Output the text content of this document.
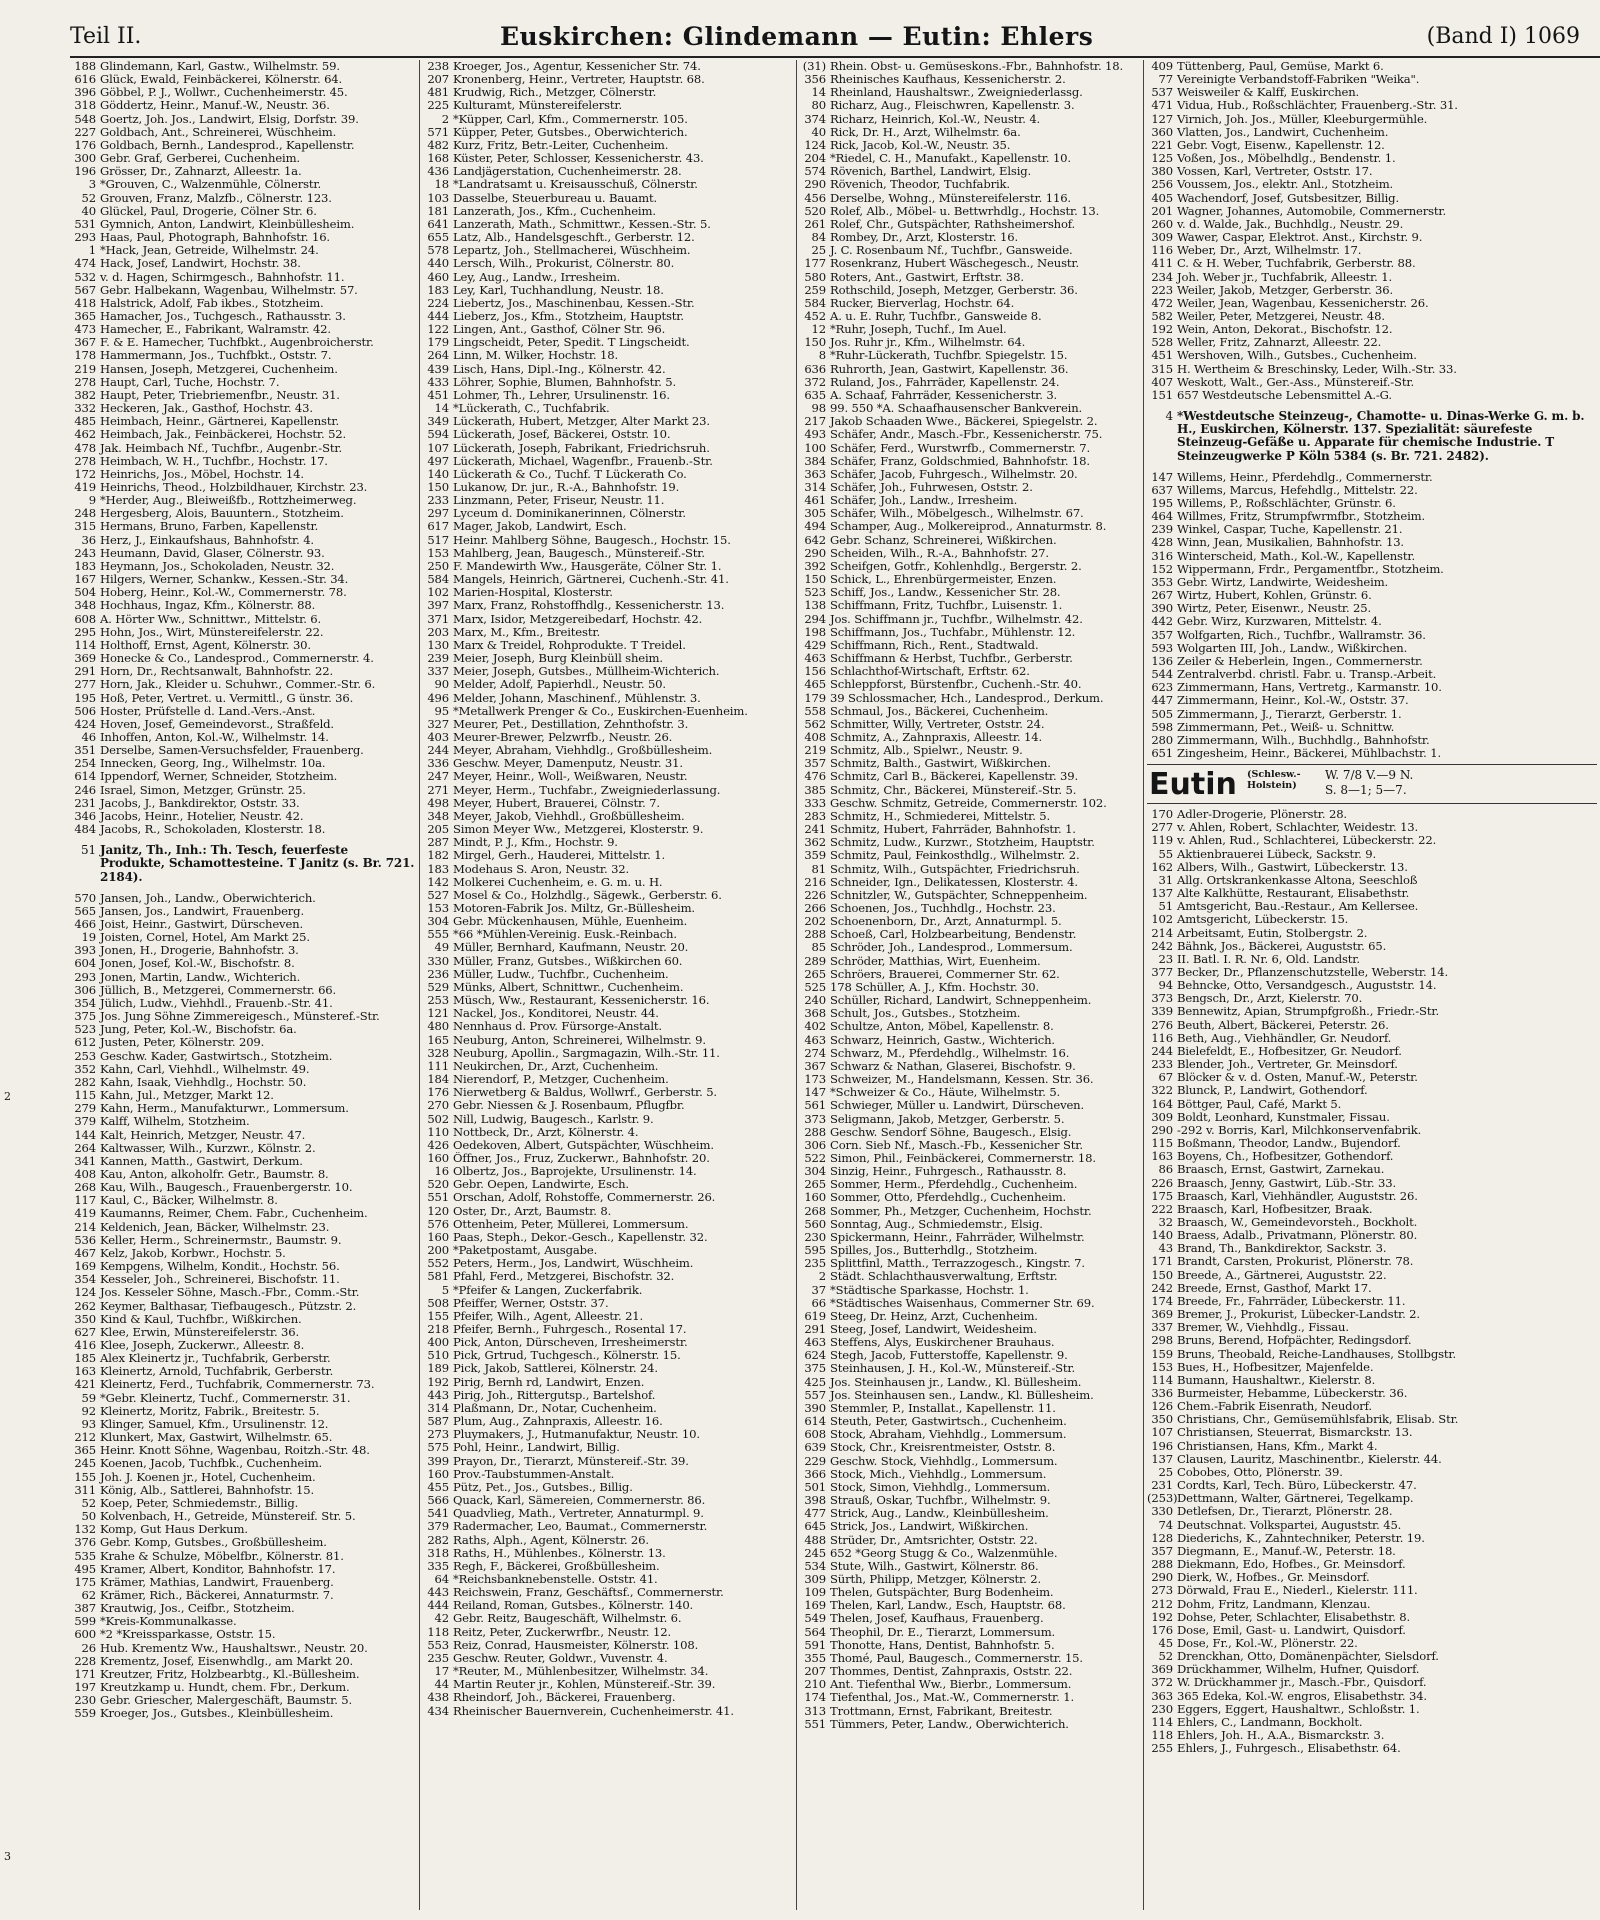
Teil II.	Euskirchen: Glindemann — Eutin: Ehlers	(Band I) 1069
2
3
188 Glindemann, Karl, Gastw., Wilhelmstr. 59.
616 Glück, Ewald, Feinbäckerei, Kölnerstr. 64.
396 Göbbel, P. J., Wollwr., Cuchenheimerstr. 45.
318 Göddertz, Heinr., Manuf.-W., Neustr. 36.
548 Goertz, Joh. Jos., Landwirt, Elsig, Dorfstr. 39.
227 Goldbach, Ant., Schreinerei, Wüschheim.
176 Goldbach, Bernh., Landesprod., Kapellenstr.
300 Gebr. Graf, Gerberei, Cuchenheim.
196 Grösser, Dr., Zahnarzt, Alleestr. 1a.
3 *Grouven, C., Walzenmühle, Cölnerstr.
52 Grouven, Franz, Malzfb., Cölnerstr. 123.
40 Glückel, Paul, Drogerie, Cölner Str. 6.
531 Gymnich, Anton, Landwirt, Kleinbüllesheim.
293 Haas, Paul, Photograph, Bahnhofstr. 16.
1 *Hack, Jean, Getreide, Wilhelmstr. 24.
474 Hack, Josef, Landwirt, Hochstr. 38.
532 v. d. Hagen, Schirmgesch., Bahnhofstr. 11.
567 Gebr. Halbekann, Wagenbau, Wilhelmstr. 57.
418 Halstrick, Adolf, Fab ikbes., Stotzheim.
365 Hamacher, Jos., Tuchgesch., Rathausstr. 3.
473 Hamecher, E., Fabrikant, Walramstr. 42.
367 F. & E. Hamecher, Tuchfbkt., Augenbroicherstr.
178 Hammermann, Jos., Tuchfbkt., Oststr. 7.
219 Hansen, Joseph, Metzgerei, Cuchenheim.
278 Haupt, Carl, Tuche, Hochstr. 7.
382 Haupt, Peter, Triebriemenfbr., Neustr. 31.
332 Heckeren, Jak., Gasthof, Hochstr. 43.
485 Heimbach, Heinr., Gärtnerei, Kapellenstr.
462 Heimbach, Jak., Feinbäckerei, Hochstr. 52.
478 Jak. Heimbach Nf., Tuchfbr., Augenbr.-Str.
278 Heimbach, W. H., Tuchfbr., Hochstr. 17.
172 Heinrichs, Jos., Möbel, Hochstr. 14.
419 Heinrichs, Theod., Holzbildhauer, Kirchstr. 23.
9 *Herder, Aug., Bleiweißfb., Rottzheimerweg.
248 Hergesberg, Alois, Bauuntern., Stotzheim.
315 Hermans, Bruno, Farben, Kapellenstr.
36 Herz, J., Einkaufshaus, Bahnhofstr. 4.
243 Heumann, David, Glaser, Cölnerstr. 93.
183 Heymann, Jos., Schokoladen, Neustr. 32.
167 Hilgers, Werner, Schankw., Kessen.-Str. 34.
504 Hoberg, Heinr., Kol.-W., Commernerstr. 78.
348 Hochhaus, Ingaz, Kfm., Kölnerstr. 88.
608 A. Hörter Ww., Schnittwr., Mittelstr. 6.
295 Hohn, Jos., Wirt, Münstereifelerstr. 22.
114 Holthoff, Ernst, Agent, Kölnerstr. 30.
369 Honecke & Co., Landesprod., Commernerstr. 4.
291 Horn, Dr., Rechtsanwalt, Bahnhofstr. 22.
277 Horn, Jak., Kleider u. Schuhwr., Commer.-Str. 6.
195 Hoß, Peter, Vertret. u. Vermittl., G ünstr. 36.
506 Hoster, Prüfstelle d. Land.-Vers.-Anst.
424 Hoven, Josef, Gemeindevorst., Straßfeld.
46 Inhoffen, Anton, Kol.-W., Wilhelmstr. 14.
351 Derselbe, Samen-Versuchsfelder, Frauenberg.
254 Innecken, Georg, Ing., Wilhelmstr. 10a.
614 Ippendorf, Werner, Schneider, Stotzheim.
246 Israel, Simon, Metzger, Grünstr. 25.
231 Jacobs, J., Bankdirektor, Oststr. 33.
346 Jacobs, Heinr., Hotelier, Neustr. 42.
484 Jacobs, R., Schokoladen, Klosterstr. 18.
51 Janitz, Th., Inh.: Th. Tesch, feuerfeste Produkte, Schamottesteine. T Janitz (s. Br. 721. 2184).
570 Jansen, Joh., Landw., Oberwichterich.
565 Jansen, Jos., Landwirt, Frauenberg.
466 Joist, Heinr., Gastwirt, Dürscheven.
19 Joisten, Cornel, Hotel, Am Markt 25.
393 Jonen, H., Drogerie, Bahnhofstr. 3.
604 Jonen, Josef, Kol.-W., Bischofstr. 8.
293 Jonen, Martin, Landw., Wichterich.
306 Jüllich, B., Metzgerei, Commernerstr. 66.
354 Jülich, Ludw., Viehhdl., Frauenb.-Str. 41.
375 Jos. Jung Söhne Zimmereigesch., Münsteref.-Str.
523 Jung, Peter, Kol.-W., Bischofstr. 6a.
612 Justen, Peter, Kölnerstr. 209.
253 Geschw. Kader, Gastwirtsch., Stotzheim.
352 Kahn, Carl, Viehhdl., Wilhelmstr. 49.
282 Kahn, Isaak, Viehhdlg., Hochstr. 50.
115 Kahn, Jul., Metzger, Markt 12.
279 Kahn, Herm., Manufakturwr., Lommersum.
379 Kalff, Wilhelm, Stotzheim.
144 Kalt, Heinrich, Metzger, Neustr. 47.
264 Kaltwasser, Wilh., Kurzwr., Kölnstr. 2.
341 Kannen, Matth., Gastwirt, Derkum.
408 Kau, Anton, alkoholfr. Getr., Baumstr. 8.
268 Kau, Wilh., Baugesch., Frauenbergerstr. 10.
117 Kaul, C., Bäcker, Wilhelmstr. 8.
419 Kaumanns, Reimer, Chem. Fabr., Cuchenheim.
214 Keldenich, Jean, Bäcker, Wilhelmstr. 23.
536 Keller, Herm., Schreinermstr., Baumstr. 9.
467 Kelz, Jakob, Korbwr., Hochstr. 5.
169 Kempgens, Wilhelm, Kondit., Hochstr. 56.
354 Kesseler, Joh., Schreinerei, Bischofstr. 11.
124 Jos. Kesseler Söhne, Masch.-Fbr., Comm.-Str.
262 Keymer, Balthasar, Tiefbaugesch., Pützstr. 2.
350 Kind & Kaul, Tuchfbr., Wißkirchen.
627 Klee, Erwin, Münstereifelerstr. 36.
416 Klee, Joseph, Zuckerwr., Alleestr. 8.
185 Alex Kleinertz jr., Tuchfabrik, Gerberstr.
163 Kleinertz, Arnold, Tuchfabrik, Gerberstr.
421 Kleinertz, Ferd., Tuchfabrik, Commernerstr. 73.
59 *Gebr. Kleinertz, Tuchf., Commernerstr. 31.
92 Kleinertz, Moritz, Fabrik., Breitestr. 5.
93 Klinger, Samuel, Kfm., Ursulinenstr. 12.
212 Klunkert, Max, Gastwirt, Wilhelmstr. 65.
365 Heinr. Knott Söhne, Wagenbau, Roitzh.-Str. 48.
245 Koenen, Jacob, Tuchfbk., Cuchenheim.
155 Joh. J. Koenen jr., Hotel, Cuchenheim.
311 König, Alb., Sattlerei, Bahnhofstr. 15.
52 Koep, Peter, Schmiedemstr., Billig.
50 Kolvenbach, H., Getreide, Münstereif. Str. 5.
132 Komp, Gut Haus Derkum.
376 Gebr. Komp, Gutsbes., Großbüllesheim.
535 Krahe & Schulze, Möbelfbr., Kölnerstr. 81.
495 Kramer, Albert, Konditor, Bahnhofstr. 17.
175 Krämer, Mathias, Landwirt, Frauenberg.
62 Krämer, Rich., Bäckerei, Annaturmstr. 7.
387 Krautwig, Jos., Ceifbr., Stotzheim.
599 *Kreis-Kommunalkasse.
600 *2 *Kreissparkasse, Oststr. 15.
26 Hub. Krementz Ww., Haushaltswr., Neustr. 20.
228 Krementz, Josef, Eisenwhdlg., am Markt 20.
171 Kreutzer, Fritz, Holzbearbtg., Kl.-Büllesheim.
197 Kreutzkamp u. Hundt, chem. Fbr., Derkum.
230 Gebr. Griescher, Malergeschäft, Baumstr. 5.
559 Kroeger, Jos., Gutsbes., Kleinbüllesheim.
238 Kroeger, Jos., Agentur, Kessenicher Str. 74.
207 Kronenberg, Heinr., Vertreter, Hauptstr. 68.
481 Krudwig, Rich., Metzger, Cölnerstr.
225 Kulturamt, Münstereifelerstr.
2 *Küpper, Carl, Kfm., Commernerstr. 105.
571 Küpper, Peter, Gutsbes., Oberwichterich.
482 Kurz, Fritz, Betr.-Leiter, Cuchenheim.
168 Küster, Peter, Schlosser, Kessenicherstr. 43.
436 Landjägerstation, Cuchenheimerstr. 28.
18 *Landratsamt u. Kreisausschuß, Cölnerstr.
103 Dasselbe, Steuerbureau u. Bauamt.
181 Lanzerath, Jos., Kfm., Cuchenheim.
641 Lanzerath, Math., Schmittwr., Kessen.-Str. 5.
655 Latz, Alb., Handelsgeschft., Gerberstr. 12.
578 Lepartz, Joh., Stellmacherei, Wüschheim.
440 Lersch, Wilh., Prokurist, Cölnerstr. 80.
460 Ley, Aug., Landw., Irresheim.
183 Ley, Karl, Tuchhandlung, Neustr. 18.
224 Liebertz, Jos., Maschinenbau, Kessen.-Str.
444 Lieberz, Jos., Kfm., Stotzheim, Hauptstr.
122 Lingen, Ant., Gasthof, Cölner Str. 96.
179 Lingscheidt, Peter, Spedit. T Lingscheidt.
264 Linn, M. Wilker, Hochstr. 18.
439 Lisch, Hans, Dipl.-Ing., Kölnerstr. 42.
433 Löhrer, Sophie, Blumen, Bahnhofstr. 5.
451 Lohmer, Th., Lehrer, Ursulinenstr. 16.
14 *Lückerath, C., Tuchfabrik.
349 Lückerath, Hubert, Metzger, Alter Markt 23.
594 Lückerath, Josef, Bäckerei, Oststr. 10.
107 Lückerath, Joseph, Fabrikant, Friedrichsruh.
497 Lückerath, Michael, Wagenfbr., Frauenb.-Str.
140 Lückerath & Co., Tuchf. T Lückerath Co.
150 Lukanow, Dr. jur., R.-A., Bahnhofstr. 19.
233 Linzmann, Peter, Friseur, Neustr. 11.
297 Lyceum d. Dominikanerinnen, Cölnerstr.
617 Mager, Jakob, Landwirt, Esch.
517 Heinr. Mahlberg Söhne, Baugesch., Hochstr. 15.
153 Mahlberg, Jean, Baugesch., Münstereif.-Str.
250 F. Mandewirth Ww., Hausgeräte, Cölner Str. 1.
584 Mangels, Heinrich, Gärtnerei, Cuchenh.-Str. 41.
102 Marien-Hospital, Klosterstr.
397 Marx, Franz, Rohstoffhdlg., Kessenicherstr. 13.
371 Marx, Isidor, Metzgereibedarf, Hochstr. 42.
203 Marx, M., Kfm., Breitestr.
130 Marx & Treidel, Rohprodukte. T Treidel.
239 Meier, Joseph, Burg Kleinbüll sheim.
337 Meier, Joseph, Gutsbes., Müllheim-Wichterich.
90 Melder, Adolf, Papierhdl., Neustr. 50.
496 Melder, Johann, Maschinenf., Mühlenstr. 3.
95 *Metallwerk Prenger & Co., Euskirchen-Euenheim.
327 Meurer, Pet., Destillation, Zehnthofstr. 3.
403 Meurer-Brewer, Pelzwrfb., Neustr. 26.
244 Meyer, Abraham, Viehhdlg., Großbüllesheim.
336 Geschw. Meyer, Damenputz, Neustr. 31.
247 Meyer, Heinr., Woll-, Weißwaren, Neustr.
271 Meyer, Herm., Tuchfabr., Zweigniederlassung.
498 Meyer, Hubert, Brauerei, Cölnstr. 7.
348 Meyer, Jakob, Viehhdl., Großbüllesheim.
205 Simon Meyer Ww., Metzgerei, Klosterstr. 9.
287 Mindt, P. J., Kfm., Hochstr. 9.
182 Mirgel, Gerh., Hauderei, Mittelstr. 1.
183 Modehaus S. Aron, Neustr. 32.
142 Molkerei Cuchenheim, e. G. m. u. H.
527 Mosel & Co., Holzhdlg., Sägewk., Gerberstr. 6.
153 Motoren-Fabrik Jos. Miltz, Gr.-Büllesheim.
304 Gebr. Mückenhausen, Mühle, Euenheim.
555 *66 *Mühlen-Vereinig. Eusk.-Reinbach.
49 Müller, Bernhard, Kaufmann, Neustr. 20.
330 Müller, Franz, Gutsbes., Wißkirchen 60.
236 Müller, Ludw., Tuchfbr., Cuchenheim.
529 Münks, Albert, Schnittwr., Cuchenheim.
253 Müsch, Ww., Restaurant, Kessenicherstr. 16.
121 Nackel, Jos., Konditorei, Neustr. 44.
480 Nennhaus d. Prov. Fürsorge-Anstalt.
165 Neuburg, Anton, Schreinerei, Wilhelmstr. 9.
328 Neuburg, Apollin., Sargmagazin, Wilh.-Str. 11.
111 Neukirchen, Dr., Arzt, Cuchenheim.
184 Nierendorf, P., Metzger, Cuchenheim.
176 Nierwetberg & Baldus, Wollwrf., Gerberstr. 5.
270 Gebr. Niessen & J. Rosenbaum, Pflugfbr.
502 Nill, Ludwig, Baugesch., Karlstr. 9.
110 Nottbeck, Dr., Arzt, Kölnerstr. 4.
426 Oedekoven, Albert, Gutspächter, Wüschheim.
160 Öffner, Jos., Fruz, Zuckerwr., Bahnhofstr. 20.
16 Olbertz, Jos., Baprojekte, Ursulinenstr. 14.
520 Gebr. Oepen, Landwirte, Esch.
551 Orschan, Adolf, Rohstoffe, Commernerstr. 26.
120 Oster, Dr., Arzt, Baumstr. 8.
576 Ottenheim, Peter, Müllerei, Lommersum.
160 Paas, Steph., Dekor.-Gesch., Kapellenstr. 32.
200 *Paketpostamt, Ausgabe.
552 Peters, Herm., Jos, Landwirt, Wüschheim.
581 Pfahl, Ferd., Metzgerei, Bischofstr. 32.
5 *Pfeifer & Langen, Zuckerfabrik.
508 Pfeiffer, Werner, Oststr. 37.
155 Pfeifer, Wilh., Agent, Alleestr. 21.
218 Pfeifer, Bernh., Fuhrgesch., Rosental 17.
400 Pick, Anton, Dürscheven, Irresheimerstr.
510 Pick, Grtrud, Tuchgesch., Kölnerstr. 15.
189 Pick, Jakob, Sattlerei, Kölnerstr. 24.
192 Pirig, Bernh rd, Landwirt, Enzen.
443 Pirig, Joh., Rittergutsp., Bartelshof.
314 Plaßmann, Dr., Notar, Cuchenheim.
587 Plum, Aug., Zahnpraxis, Alleestr. 16.
273 Pluymakers, J., Hutmanufaktur, Neustr. 10.
575 Pohl, Heinr., Landwirt, Billig.
399 Prayon, Dr., Tierarzt, Münstereif.-Str. 39.
160 Prov.-Taubstummen-Anstalt.
455 Pütz, Pet., Jos., Gutsbes., Billig.
566 Quack, Karl, Sämereien, Commernerstr. 86.
541 Quadvlieg, Math., Vertreter, Annaturmpl. 9.
379 Radermacher, Leo, Baumat., Commernerstr.
282 Raths, Alph., Agent, Kölnerstr. 26.
318 Raths, H., Mühlenbes., Kölnerstr. 13.
335 Regh, F., Bäckerei, Großbüllesheim.
64 *Reichsbanknebenstelle. Oststr. 41.
443 Reichswein, Franz, Geschäftsf., Commernerstr.
444 Reiland, Roman, Gutsbes., Kölnerstr. 140.
42 Gebr. Reitz, Baugeschäft, Wilhelmstr. 6.
118 Reitz, Peter, Zuckerwrfbr., Neustr. 12.
553 Reiz, Conrad, Hausmeister, Kölnerstr. 108.
235 Geschw. Reuter, Goldwr., Vuvenstr. 4.
17 *Reuter, M., Mühlenbesitzer, Wilhelmstr. 34.
44 Martin Reuter jr., Kohlen, Münstereif.-Str. 39.
438 Rheindorf, Joh., Bäckerei, Frauenberg.
434 Rheinischer Bauernverein, Cuchenheimerstr. 41.
(31) Rhein. Obst- u. Gemüseskons.-Fbr., Bahnhofstr. 18.
356 Rheinisches Kaufhaus, Kessenicherstr. 2.
14 Rheinland, Haushaltswr., Zweigniederlassg.
80 Richarz, Aug., Fleischwren, Kapellenstr. 3.
374 Richarz, Heinrich, Kol.-W., Neustr. 4.
40 Rick, Dr. H., Arzt, Wilhelmstr. 6a.
124 Rick, Jacob, Kol.-W., Neustr. 35.
204 *Riedel, C. H., Manufakt., Kapellenstr. 10.
574 Rövenich, Barthel, Landwirt, Elsig.
290 Rövenich, Theodor, Tuchfabrik.
456 Derselbe, Wohng., Münstereifelerstr. 116.
520 Rolef, Alb., Möbel- u. Bettwrhdlg., Hochstr. 13.
261 Rolef, Chr., Gutspächter, Rathsheimershof.
84 Rombey, Dr., Arzt, Klosterstr. 16.
25 J. C. Rosenbaum Nf., Tuchfbr., Gansweide.
177 Rosenkranz, Hubert Wäschegesch., Neustr.
580 Roters, Ant., Gastwirt, Erftstr. 38.
259 Rothschild, Joseph, Metzger, Gerberstr. 36.
584 Rucker, Bierverlag, Hochstr. 64.
452 A. u. E. Ruhr, Tuchfbr., Gansweide 8.
12 *Ruhr, Joseph, Tuchf., Im Auel.
150 Jos. Ruhr jr., Kfm., Wilhelmstr. 64.
8 *Ruhr-Lückerath, Tuchfbr. Spiegelstr. 15.
636 Ruhrorth, Jean, Gastwirt, Kapellenstr. 36.
372 Ruland, Jos., Fahrräder, Kapellenstr. 24.
635 A. Schaaf, Fahrräder, Kessenicherstr. 3.
98 99. 550 *A. Schaafhausenscher Bankverein.
217 Jakob Schaaden Wwe., Bäckerei, Spiegelstr. 2.
493 Schäfer, Andr., Masch.-Fbr., Kessenicherstr. 75.
100 Schäfer, Ferd., Wurstwrfb., Commernerstr. 7.
384 Schäfer, Franz, Goldschmied, Bahnhofstr. 18.
363 Schäfer, Jacob, Fuhrgesch., Wilhelmstr. 20.
314 Schäfer, Joh., Fuhrwesen, Oststr. 2.
461 Schäfer, Joh., Landw., Irresheim.
305 Schäfer, Wilh., Möbelgesch., Wilhelmstr. 67.
494 Schamper, Aug., Molkereiprod., Annaturmstr. 8.
642 Gebr. Schanz, Schreinerei, Wißkirchen.
290 Scheiden, Wilh., R.-A., Bahnhofstr. 27.
392 Scheifgen, Gotfr., Kohlenhdlg., Bergerstr. 2.
150 Schick, L., Ehrenbürgermeister, Enzen.
523 Schiff, Jos., Landw., Kessenicher Str. 28.
138 Schiffmann, Fritz, Tuchfbr., Luisenstr. 1.
294 Jos. Schiffmann jr., Tuchfbr., Wilhelmstr. 42.
198 Schiffmann, Jos., Tuchfabr., Mühlenstr. 12.
429 Schiffmann, Rich., Rent., Stadtwald.
463 Schiffmann & Herbst, Tuchfbr., Gerberstr.
156 Schlachthof-Wirtschaft, Erftstr. 62.
465 Schleppforst, Bürstenfbr., Cuchenh.-Str. 40.
179 39 Schlossmacher, Hch., Landesprod., Derkum.
558 Schmaul, Jos., Bäckerei, Cuchenheim.
562 Schmitter, Willy, Vertreter, Oststr. 24.
408 Schmitz, A., Zahnpraxis, Alleestr. 14.
219 Schmitz, Alb., Spielwr., Neustr. 9.
357 Schmitz, Balth., Gastwirt, Wißkirchen.
476 Schmitz, Carl B., Bäckerei, Kapellenstr. 39.
385 Schmitz, Chr., Bäckerei, Münstereif.-Str. 5.
333 Geschw. Schmitz, Getreide, Commernerstr. 102.
283 Schmitz, H., Schmiederei, Mittelstr. 5.
241 Schmitz, Hubert, Fahrräder, Bahnhofstr. 1.
362 Schmitz, Ludw., Kurzwr., Stotzheim, Hauptstr.
359 Schmitz, Paul, Feinkosthdlg., Wilhelmstr. 2.
81 Schmitz, Wilh., Gutspächter, Friedrichsruh.
216 Schneider, Ign., Delikatessen, Klosterstr. 4.
226 Schnitzler, W., Gutspächter, Schneppenheim.
266 Schoenen, Jos., Tuchhdlg., Hochstr. 23.
202 Schoenenborn, Dr., Arzt, Annaturmpl. 5.
288 Schoeß, Carl, Holzbearbeitung, Bendenstr.
85 Schröder, Joh., Landesprod., Lommersum.
289 Schröder, Matthias, Wirt, Euenheim.
265 Schröers, Brauerei, Commerner Str. 62.
525 178 Schüller, A. J., Kfm. Hochstr. 30.
240 Schüller, Richard, Landwirt, Schneppenheim.
368 Schult, Jos., Gutsbes., Stotzheim.
402 Schultze, Anton, Möbel, Kapellenstr. 8.
463 Schwarz, Heinrich, Gastw., Wichterich.
274 Schwarz, M., Pferdehdlg., Wilhelmstr. 16.
367 Schwarz & Nathan, Glaserei, Bischofstr. 9.
173 Schweizer, M., Handelsmann, Kessen. Str. 36.
147 *Schweizer & Co., Häute, Wilhelmstr. 5.
561 Schwieger, Müller u. Landwirt, Dürscheven.
373 Seligmann, Jakob, Metzger, Gerberstr. 5.
288 Geschw. Sendorf Söhne, Baugesch., Elsig.
306 Corn. Sieb Nf., Masch.-Fb., Kessenicher Str.
522 Simon, Phil., Feinbäckerei, Commernerstr. 18.
304 Sinzig, Heinr., Fuhrgesch., Rathausstr. 8.
265 Sommer, Herm., Pferdehdlg., Cuchenheim.
160 Sommer, Otto, Pferdehdlg., Cuchenheim.
268 Sommer, Ph., Metzger, Cuchenheim, Hochstr.
560 Sonntag, Aug., Schmiedemstr., Elsig.
230 Spickermann, Heinr., Fahrräder, Wilhelmstr.
595 Spilles, Jos., Butterhdlg., Stotzheim.
235 Splittfinl, Matth., Terrazzogesch., Kingstr. 7.
2 Städt. Schlachthausverwaltung, Erftstr.
37 *Städtische Sparkasse, Hochstr. 1.
66 *Städtisches Waisenhaus, Commerner Str. 69.
619 Steeg, Dr. Heinz, Arzt, Cuchenheim.
291 Steeg, Josef, Landwirt, Weidesheim.
463 Steffens, Alys, Euskirchener Brauhaus.
624 Stegh, Jacob, Futterstoffe, Kapellenstr. 9.
375 Steinhausen, J. H., Kol.-W., Münstereif.-Str.
425 Jos. Steinhausen jr., Landw., Kl. Büllesheim.
557 Jos. Steinhausen sen., Landw., Kl. Büllesheim.
390 Stemmler, P., Installat., Kapellenstr. 11.
614 Steuth, Peter, Gastwirtsch., Cuchenheim.
608 Stock, Abraham, Viehhdlg., Lommersum.
639 Stock, Chr., Kreisrentmeister, Oststr. 8.
229 Geschw. Stock, Viehhdlg., Lommersum.
366 Stock, Mich., Viehhdlg., Lommersum.
501 Stock, Simon, Viehhdlg., Lommersum.
398 Strauß, Oskar, Tuchfbr., Wilhelmstr. 9.
477 Strick, Aug., Landw., Kleinbüllesheim.
645 Strick, Jos., Landwirt, Wißkirchen.
488 Strüder, Dr., Amtsrichter, Oststr. 22.
245 652 *Georg Stugg & Co., Walzenmühle.
534 Stute, Wilh., Gastwirt, Kölnerstr. 86.
309 Sürth, Philipp, Metzger, Kölnerstr. 2.
109 Thelen, Gutspächter, Burg Bodenheim.
169 Thelen, Karl, Landw., Esch, Hauptstr. 68.
549 Thelen, Josef, Kaufhaus, Frauenberg.
564 Theophil, Dr. E., Tierarzt, Lommersum.
591 Thonotte, Hans, Dentist, Bahnhofstr. 5.
355 Thomé, Paul, Baugesch., Commernerstr. 15.
207 Thommes, Dentist, Zahnpraxis, Oststr. 22.
210 Ant. Tiefenthal Ww., Bierbr., Lommersum.
174 Tiefenthal, Jos., Mat.-W., Commernerstr. 1.
313 Trottmann, Ernst, Fabrikant, Breitestr.
551 Tümmers, Peter, Landw., Oberwichterich.
409 Tüttenberg, Paul, Gemüse, Markt 6.
77 Vereinigte Verbandstoff-Fabriken "Weika".
537 Weisweiler & Kalff, Euskirchen.
471 Vidua, Hub., Roßschlächter, Frauenberg.-Str. 31.
127 Virnich, Joh. Jos., Müller, Kleeburgermühle.
360 Vlatten, Jos., Landwirt, Cuchenheim.
221 Gebr. Vogt, Eisenw., Kapellenstr. 12.
125 Voßen, Jos., Möbelhdlg., Bendenstr. 1.
380 Vossen, Karl, Vertreter, Oststr. 17.
256 Voussem, Jos., elektr. Anl., Stotzheim.
405 Wachendorf, Josef, Gutsbesitzer, Billig.
201 Wagner, Johannes, Automobile, Commernerstr.
260 v. d. Walde, Jak., Buchhdlg., Neustr. 29.
309 Wawer, Caspar, Elektrot. Anst., Kirchstr. 9.
116 Weber, Dr., Arzt, Wilhelmstr. 17.
411 C. & H. Weber, Tuchfabrik, Gerberstr. 88.
234 Joh. Weber jr., Tuchfabrik, Alleestr. 1.
223 Weiler, Jakob, Metzger, Gerberstr. 36.
472 Weiler, Jean, Wagenbau, Kessenicherstr. 26.
582 Weiler, Peter, Metzgerei, Neustr. 48.
192 Wein, Anton, Dekorat., Bischofstr. 12.
528 Weller, Fritz, Zahnarzt, Alleestr. 22.
451 Wershoven, Wilh., Gutsbes., Cuchenheim.
315 H. Wertheim & Breschinsky, Leder, Wilh.-Str. 33.
407 Weskott, Walt., Ger.-Ass., Münstereif.-Str.
151 657 Westdeutsche Lebensmittel A.-G.
4 *Westdeutsche Steinzeug-, Chamotte- u. Dinas-Werke G. m. b. H., Euskirchen, Kölnerstr. 137. Spezialität: säurefeste Steinzeug-Gefäße u. Apparate für chemische Industrie. T Steinzeugwerke P Köln 5384 (s. Br. 721. 2482).
147 Willems, Heinr., Pferdehdlg., Commernerstr.
637 Willems, Marcus, Hefehdlg., Mittelstr. 22.
195 Willems, P., Roßschlächter, Grünstr. 6.
464 Willmes, Fritz, Strumpfwrmfbr., Stotzheim.
239 Winkel, Caspar, Tuche, Kapellenstr. 21.
428 Winn, Jean, Musikalien, Bahnhofstr. 13.
316 Winterscheid, Math., Kol.-W., Kapellenstr.
152 Wippermann, Frdr., Pergamentfbr., Stotzheim.
353 Gebr. Wirtz, Landwirte, Weidesheim.
267 Wirtz, Hubert, Kohlen, Grünstr. 6.
390 Wirtz, Peter, Eisenwr., Neustr. 25.
442 Gebr. Wirz, Kurzwaren, Mittelstr. 4.
357 Wolfgarten, Rich., Tuchfbr., Wallramstr. 36.
593 Wolgarten III, Joh., Landw., Wißkirchen.
136 Zeiler & Heberlein, Ingen., Commernerstr.
544 Zentralverbd. christl. Fabr. u. Transp.-Arbeit.
623 Zimmermann, Hans, Vertretg., Karmanstr. 10.
447 Zimmermann, Heinr., Kol.-W., Oststr. 37.
505 Zimmermann, J., Tierarzt, Gerberstr. 1.
598 Zimmermann, Pet., Weiß- u. Schnittw.
280 Zimmermann, Wilh., Buchhdlg., Bahnhofstr.
651 Zingesheim, Heinr., Bäckerei, Mühlbachstr. 1.
Eutin (Schlesw.-
Holstein)
W. 7/8 V.—9 N.
S. 8—1; 5—7.
170 Adler-Drogerie, Plönerstr. 28.
277 v. Ahlen, Robert, Schlachter, Weidestr. 13.
119 v. Ahlen, Rud., Schlachterei, Lübeckerstr. 22.
55 Aktienbrauerei Lübeck, Sackstr. 9.
162 Albers, Wilh., Gastwirt, Lübeckerstr. 13.
31 Allg. Ortskrankenkasse Altona, Seeschloß
137 Alte Kalkhütte, Restaurant, Elisabethstr.
51 Amtsgericht, Bau.-Restaur., Am Kellersee.
102 Amtsgericht, Lübeckerstr. 15.
214 Arbeitsamt, Eutin, Stolbergstr. 2.
242 Bähnk, Jos., Bäckerei, Auguststr. 65.
23 II. Batl. I. R. Nr. 6, Old. Landstr.
377 Becker, Dr., Pflanzenschutzstelle, Weberstr. 14.
94 Behncke, Otto, Versandgesch., Auguststr. 14.
373 Bengsch, Dr., Arzt, Kielerstr. 70.
339 Bennewitz, Apian, Strumpfgroßh., Friedr.-Str.
276 Beuth, Albert, Bäckerei, Peterstr. 26.
116 Beth, Aug., Viehhändler, Gr. Neudorf.
244 Bielefeldt, E., Hofbesitzer, Gr. Neudorf.
233 Blender, Joh., Vertreter, Gr. Meinsdorf.
67 Blöcker & v. d. Osten, Manuf.-W., Peterstr.
322 Blunck, P., Landwirt, Gothendorf.
164 Böttger, Paul, Café, Markt 5.
309 Boldt, Leonhard, Kunstmaler, Fissau.
290 -292 v. Borris, Karl, Milchkonservenfabrik.
115 Boßmann, Theodor, Landw., Bujendorf.
163 Boyens, Ch., Hofbesitzer, Gothendorf.
86 Braasch, Ernst, Gastwirt, Zarnekau.
226 Braasch, Jenny, Gastwirt, Lüb.-Str. 33.
175 Braasch, Karl, Viehhändler, Auguststr. 26.
222 Braasch, Karl, Hofbesitzer, Braak.
32 Braasch, W., Gemeindevorsteh., Bockholt.
140 Braess, Adalb., Privatmann, Plönerstr. 80.
43 Brand, Th., Bankdirektor, Sackstr. 3.
171 Brandt, Carsten, Prokurist, Plönerstr. 78.
150 Breede, A., Gärtnerei, Auguststr. 22.
242 Breede, Ernst, Gasthof, Markt 17.
174 Breede, Fr., Fahrräder, Lübeckerstr. 11.
369 Bremer, J., Prokurist, Lübecker-Landstr. 2.
337 Bremer, W., Viehhdlg., Fissau.
298 Bruns, Berend, Hofpächter, Redingsdorf.
159 Bruns, Theobald, Reiche-Landhauses, Stollbgstr.
153 Bues, H., Hofbesitzer, Majenfelde.
114 Bumann, Haushaltwr., Kielerstr. 8.
336 Burmeister, Hebamme, Lübeckerstr. 36.
126 Chem.-Fabrik Eisenrath, Neudorf.
350 Christians, Chr., Gemüsemühlsfabrik, Elisab. Str.
107 Christiansen, Steuerrat, Bismarckstr. 13.
196 Christiansen, Hans, Kfm., Markt 4.
137 Clausen, Lauritz, Maschinentbr., Kielerstr. 44.
25 Cobobes, Otto, Plönerstr. 39.
231 Cordts, Karl, Tech. Büro, Lübeckerstr. 47.
(253)Dettmann, Walter, Gärtnerei, Tegelkamp.
330 Detlefsen, Dr., Tierarzt, Plönerstr. 28.
74 Deutschnat. Volkspartei, Auguststr. 45.
128 Diederichs, K., Zahntechniker, Peterstr. 19.
357 Diegmann, E., Manuf.-W., Peterstr. 18.
288 Diekmann, Edo, Hofbes., Gr. Meinsdorf.
290 Dierk, W., Hofbes., Gr. Meinsdorf.
273 Dörwald, Frau E., Niederl., Kielerstr. 111.
212 Dohm, Fritz, Landmann, Klenzau.
192 Dohse, Peter, Schlachter, Elisabethstr. 8.
176 Dose, Emil, Gast- u. Landwirt, Quisdorf.
45 Dose, Fr., Kol.-W., Plönerstr. 22.
52 Drenckhan, Otto, Domänenpächter, Sielsdorf.
369 Drückhammer, Wilhelm, Hufner, Quisdorf.
372 W. Drückhammer jr., Masch.-Fbr., Quisdorf.
363 365 Edeka, Kol.-W. engros, Elisabethstr. 34.
230 Eggers, Eggert, Haushaltwr., Schloßstr. 1.
114 Ehlers, C., Landmann, Bockholt.
118 Ehlers, Joh. H., A.A., Bismarckstr. 3.
255 Ehlers, J., Fuhrgesch., Elisabethstr. 64.
